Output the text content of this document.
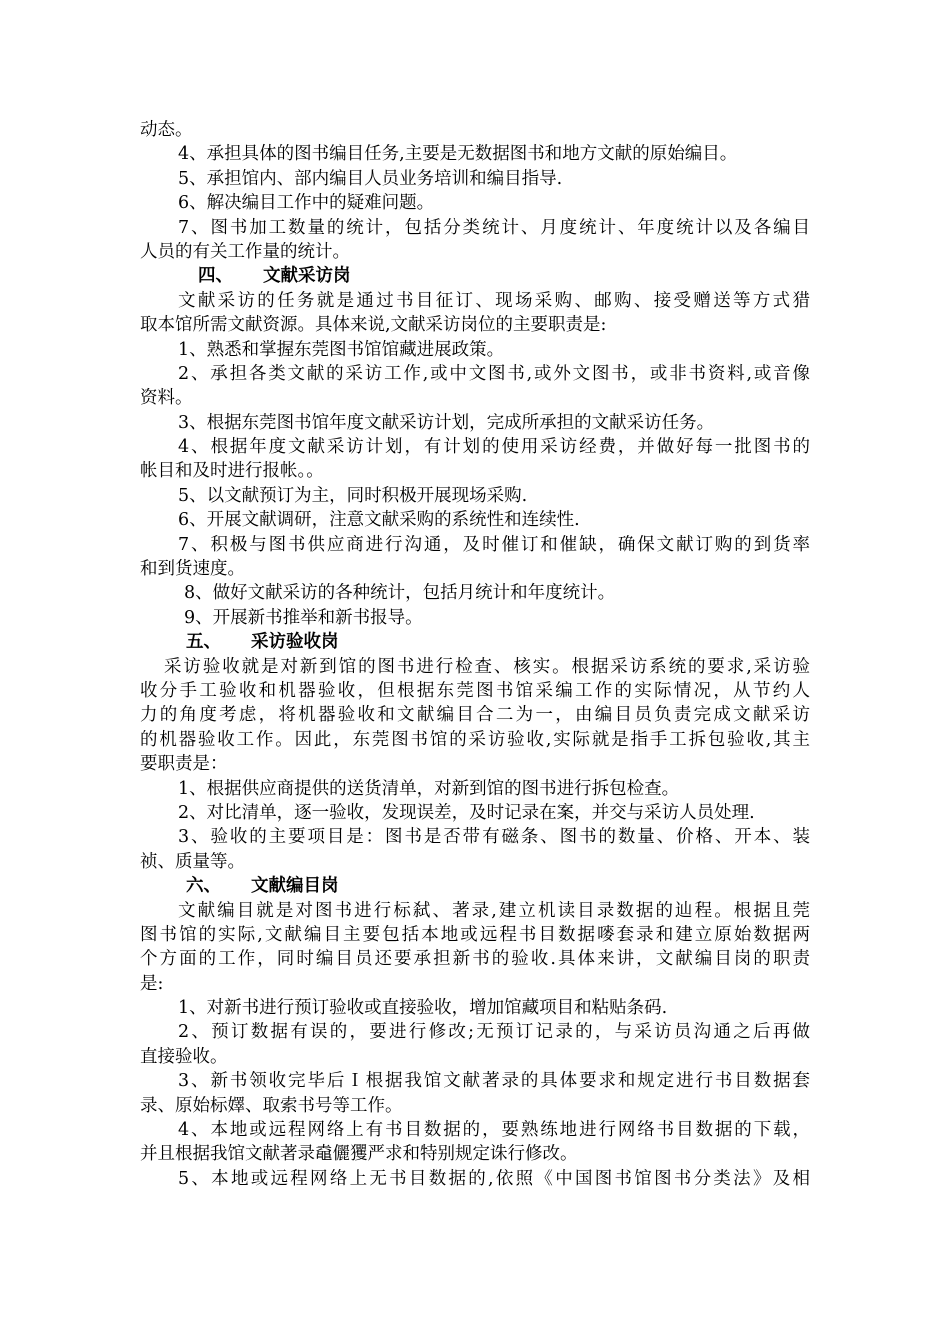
动态。
4、承担具体的图书编目任务,主要是无数据图书和地方文献的原始编目。
5、承担馆内、部内编目人员业务培训和编目指导.
6、解决编目工作中的疑难问题。
7、图书加工数量的统计，包括分类统计、月度统计、年度统计以及各编目
人员的有关工作量的统计。
四、 文献采访岗
文献采访的任务就是通过书目征订、现场采购、邮购、接受赠送等方式猎
取本馆所需文献资源。具体来说,文献采访岗位的主要职责是:
1、熟悉和掌握东莞图书馆馆藏进展政策。
2、承担各类文献的采访工作,或中文图书,或外文图书，或非书资料,或音像
资料。
3、根据东莞图书馆年度文献采访计划，完成所承担的文献采访任务。
4、根据年度文献采访计划，有计划的使用采访经费，并做好每一批图书的
帐目和及时进行报帐。。
5、以文献预订为主，同时积极开展现场采购.
6、开展文献调研，注意文献采购的系统性和连续性.
7、积极与图书供应商进行沟通，及时催订和催缺，确保文献订购的到货率
和到货速度。
8、做好文献采访的各种统计，包括月统计和年度统计。
9、开展新书推举和新书报导。
五、 采访验收岗
采访验收就是对新到馆的图书进行检查、核实。根据采访系统的要求,采访验
收分手工验收和机器验收，但根据东莞图书馆采编工作的实际情况，从节约人
力的角度考虑，将机器验收和文献编目合二为一，由编目员负责完成文献采访
的机器验收工作。因此，东莞图书馆的采访验收,实际就是指手工拆包验收,其主
要职责是：
1、根据供应商提供的送货清单，对新到馆的图书进行拆包检查。
2、对比清单，逐一验收，发现误差，及时记录在案，并交与采访人员处理.
3、验收的主要项目是：图书是否带有磁条、图书的数量、价格、开本、装
祯、质量等。
六、 文献编目岗
文献编目就是对图书进行标弑、著录,建立机读目录数据的辿程。根据且莞
图书馆的实际,文献编目主要包括本地或远程书目数据嘜套录和建立原始数据两
个方面的工作，同时编目员还要承担新书的验收.具体来讲，文献编目岗的职责
是:
1、对新书进行预订验收或直接验收，增加馆藏项目和粘贴条码.
2、预订数据有误的，要进行修改;无预订记录的，与采访员沟通之后再做
直接验收。
3、新书领收完毕后Ｉ根据我馆文献著录的具体要求和规定进行书目数据套
录、原始标嬕、取索书号等工作。
4、本地或远程网络上有书目数据的，要熟练地进行网络书目数据的下载，
并且根据我馆文献著录鼀儷玃严求和特别规定诛行修改。
5、本地或远程网络上无书目数据的,依照《中国图书馆图书分类法》及相
